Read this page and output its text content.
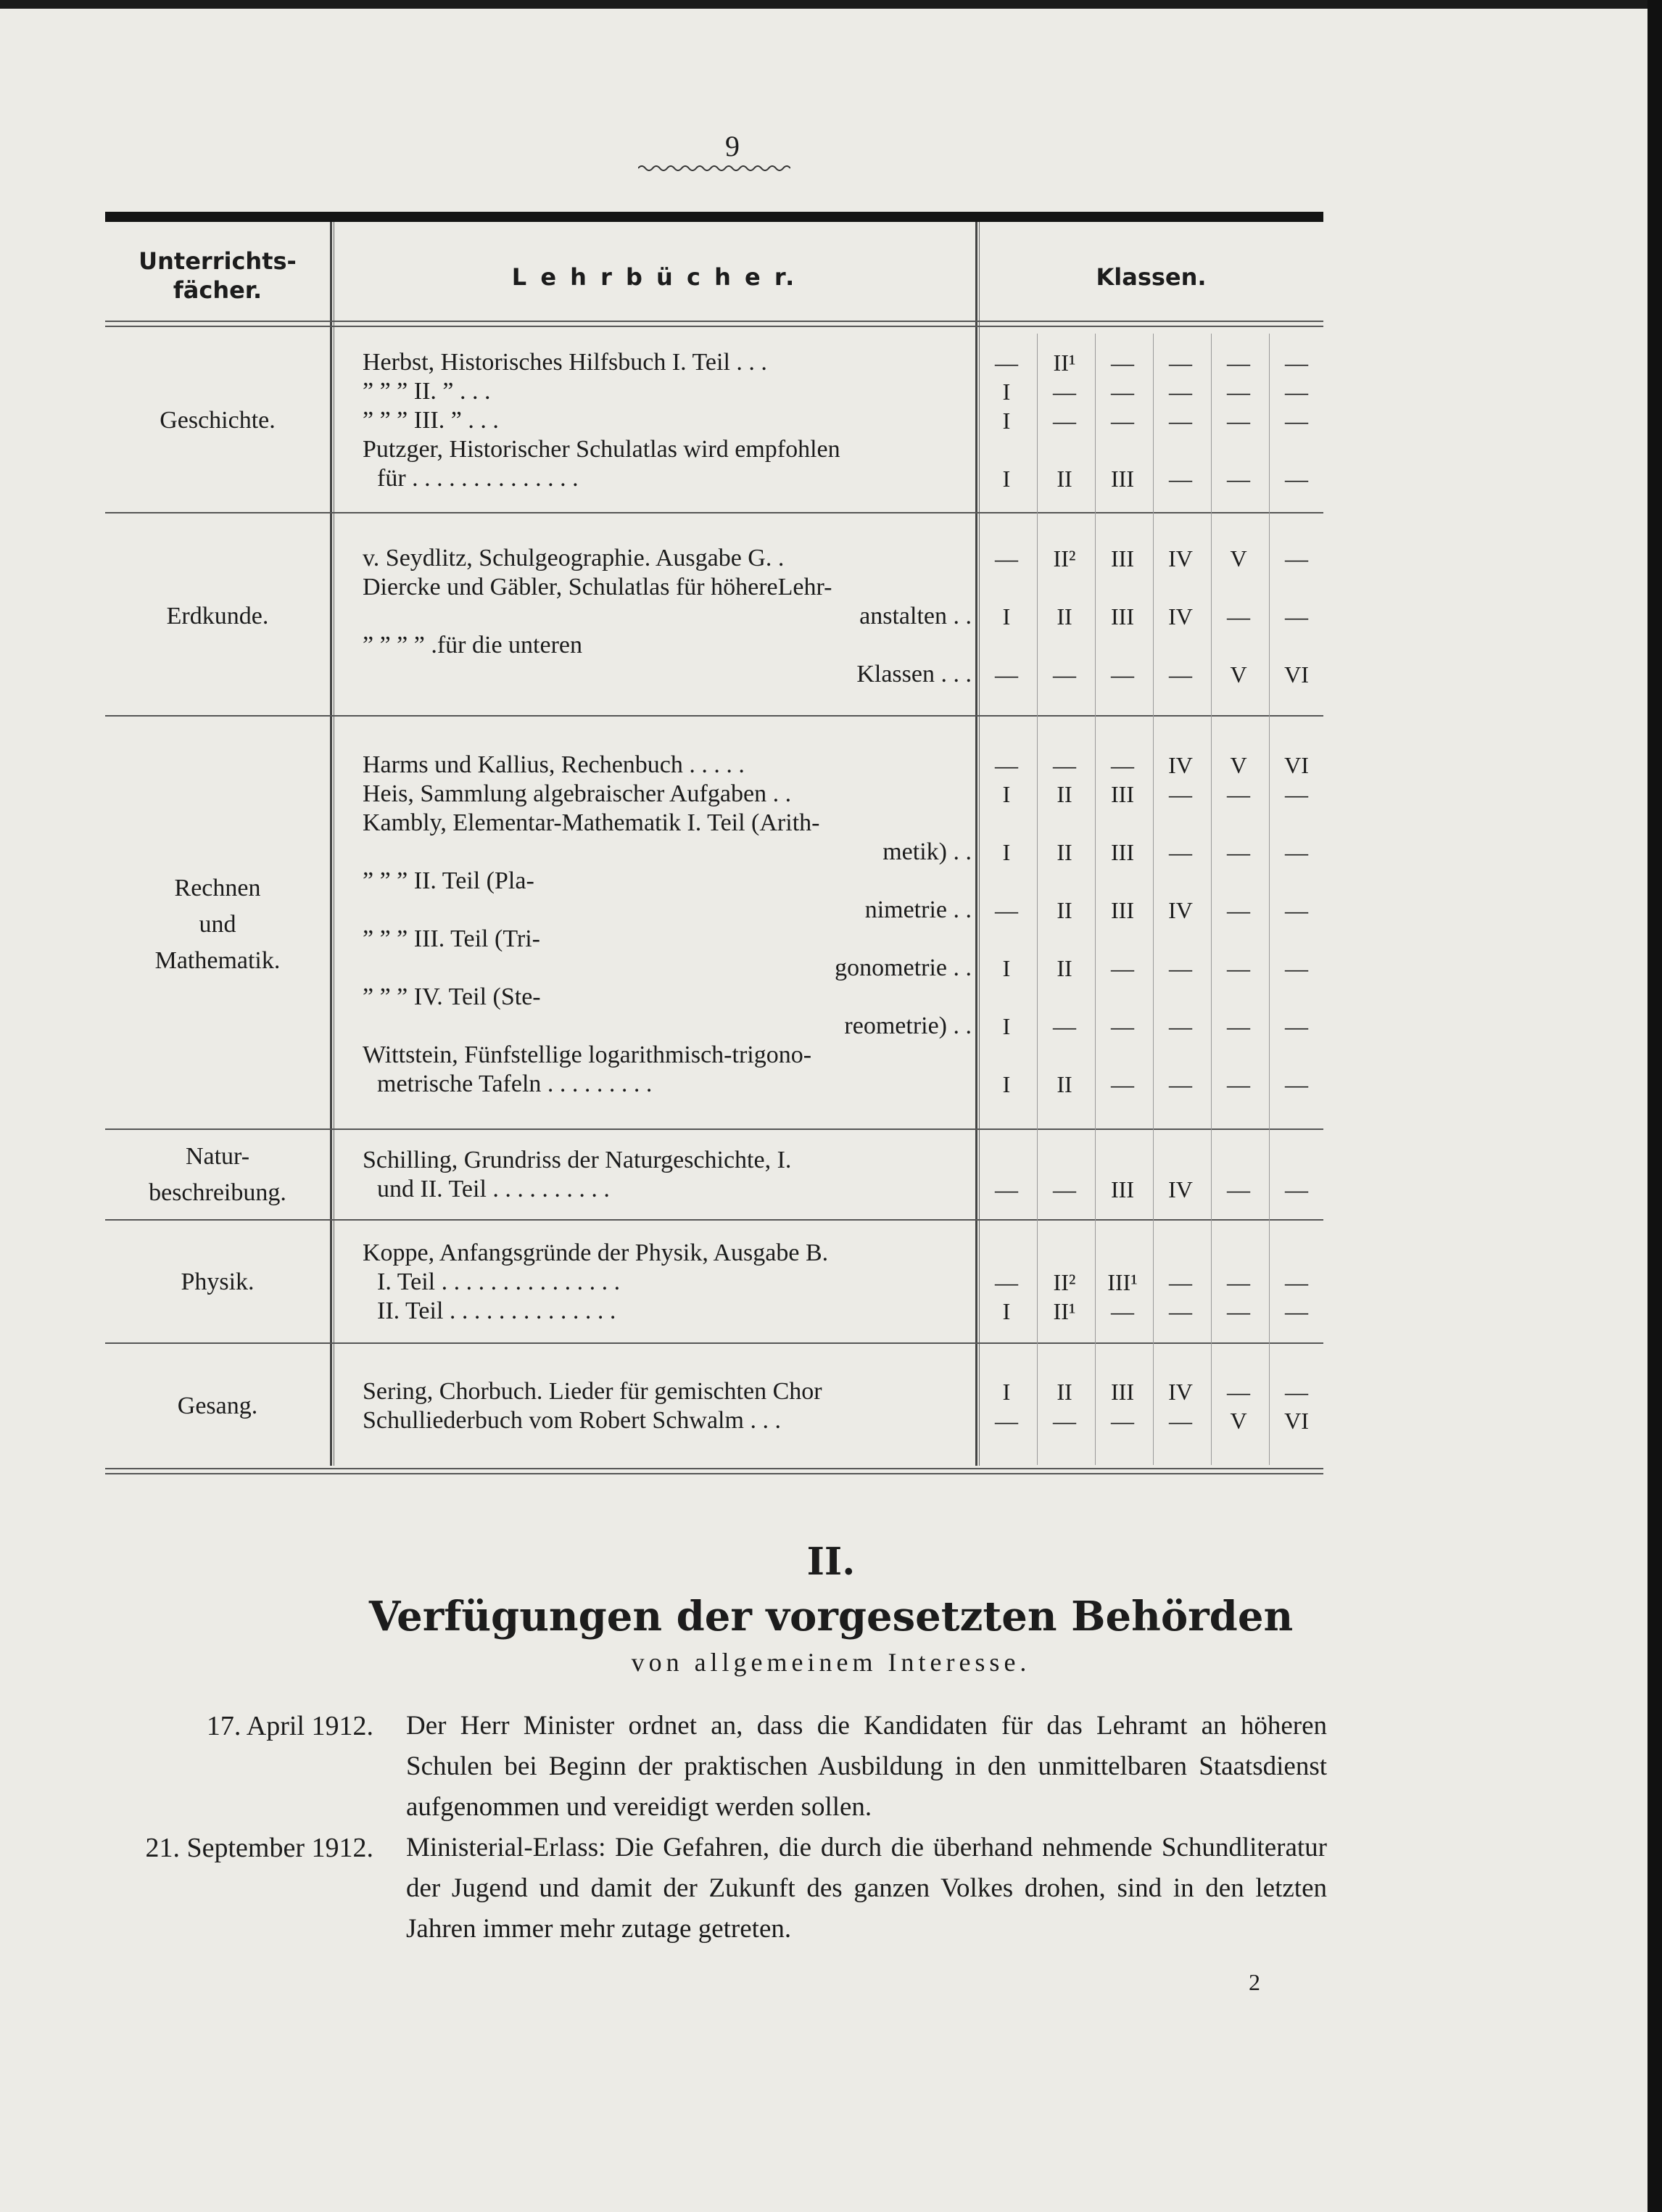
9
Unterrichts-
fächer.	L e h r b ü c h e r.	Klassen.
Geschichte.
Herbst, Historisches Hilfsbuch I. Teil . . .	—	II¹	—	—	—	—
” ” ” II. ” . . .	I	—	—	—	—	—
” ” ” III. ” . . .	I	—	—	—	—	—
Putzger, Historischer Schulatlas wird empfohlen
für . . . . . . . . . . . . . .	I	II	III	—	—	—
Erdkunde.
v. Seydlitz, Schulgeographie. Ausgabe G. .	—	II²	III	IV	V	—
Diercke und Gäbler, Schulatlas für höhereLehr-
anstalten . .	I	II	III	IV	—	—
” ” ” ” .für die unteren
Klassen . . .	—	—	—	—	V	VI
Rechnen
und
Mathematik.
Harms und Kallius, Rechenbuch . . . . .	—	—	—	IV	V	VI
Heis, Sammlung algebraischer Aufgaben . .	I	II	III	—	—	—
Kambly, Elementar-Mathematik I. Teil (Arith-
metik) . .	I	II	III	—	—	—
” ” ” II. Teil (Pla-
nimetrie . .	—	II	III	IV	—	—
” ” ” III. Teil (Tri-
gonometrie . .	I	II	—	—	—	—
” ” ” IV. Teil (Ste-
reometrie) . .	I	—	—	—	—	—
Wittstein, Fünfstellige logarithmisch-trigono-
metrische Tafeln . . . . . . . . .	I	II	—	—	—	—
Natur-
beschreibung.
Schilling, Grundriss der Naturgeschichte, I.
und II. Teil . . . . . . . . . .	—	—	III	IV	—	—
Physik.
Koppe, Anfangsgründe der Physik, Ausgabe B.
I. Teil . . . . . . . . . . . . . . .	—	II²	III¹	—	—	—
II. Teil . . . . . . . . . . . . . .	I	II¹	—	—	—	—
Gesang.
Sering, Chorbuch. Lieder für gemischten Chor	I	II	III	IV	—	—
Schulliederbuch vom Robert Schwalm . . .	—	—	—	—	V	VI
II.
Verfügungen der vorgesetzten Behörden
von allgemeinem Interesse.
17. April 1912. Der Herr Minister ordnet an, dass die Kandidaten für das Lehramt an höheren Schulen bei Beginn der praktischen Ausbildung in den unmittelbaren Staatsdienst aufgenommen und vereidigt werden sollen.
21. September 1912. Ministerial-Erlass: Die Gefahren, die durch die überhand nehmende Schundliteratur der Jugend und damit der Zukunft des ganzen Volkes drohen, sind in den letzten Jahren immer mehr zutage getreten.
2
